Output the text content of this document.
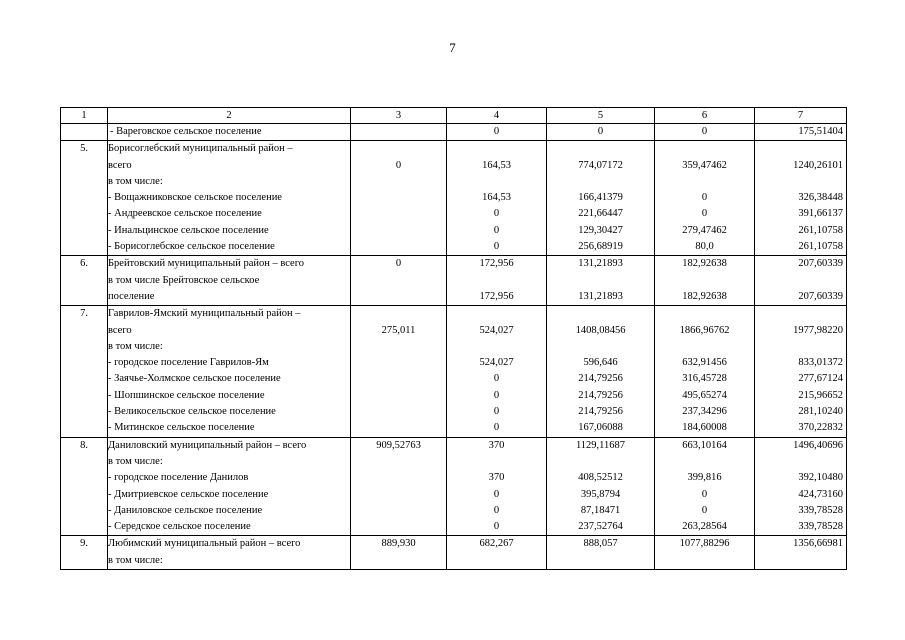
7
1	2	3	4	5	6	7
	- Вареговское сельское поселение		0	0	0	175,51404
5.	Борисоглебский муниципальный район –					
	всего	0	164,53	774,07172	359,47462	1240,26101
	в том числе:					
	- Вощажниковское сельское поселение		164,53	166,41379	0	326,38448
	- Андреевское сельское поселение		0	221,66447	0	391,66137
	- Инальцинское сельское поселение		0	129,30427	279,47462	261,10758
	- Борисоглебское сельское поселение		0	256,68919	80,0	261,10758
6.	Брейтовский муниципальный район – всего	0	172,956	131,21893	182,92638	207,60339
	в том числе Брейтовское сельское					
	поселение		172,956	131,21893	182,92638	207,60339
7.	Гаврилов-Ямский муниципальный район –					
	всего	275,011	524,027	1408,08456	1866,96762	1977,98220
	в том числе:					
	- городское поселение Гаврилов-Ям		524,027	596,646	632,91456	833,01372
	- Заячье-Холмское сельское поселение		0	214,79256	316,45728	277,67124
	- Шопшинское сельское поселение		0	214,79256	495,65274	215,96652
	- Великосельское сельское поселение		0	214,79256	237,34296	281,10240
	- Митинское сельское поселение		0	167,06088	184,60008	370,22832
8.	Даниловский муниципальный район – всего	909,52763	370	1129,11687	663,10164	1496,40696
	в том числе:					
	- городское поселение Данилов		370	408,52512	399,816	392,10480
	- Дмитриевское сельское поселение		0	395,8794	0	424,73160
	- Даниловское сельское поселение		0	87,18471	0	339,78528
	- Середское сельское поселение		0	237,52764	263,28564	339,78528
9.	Любимский муниципальный район – всего	889,930	682,267	888,057	1077,88296	1356,66981
	в том числе:					
